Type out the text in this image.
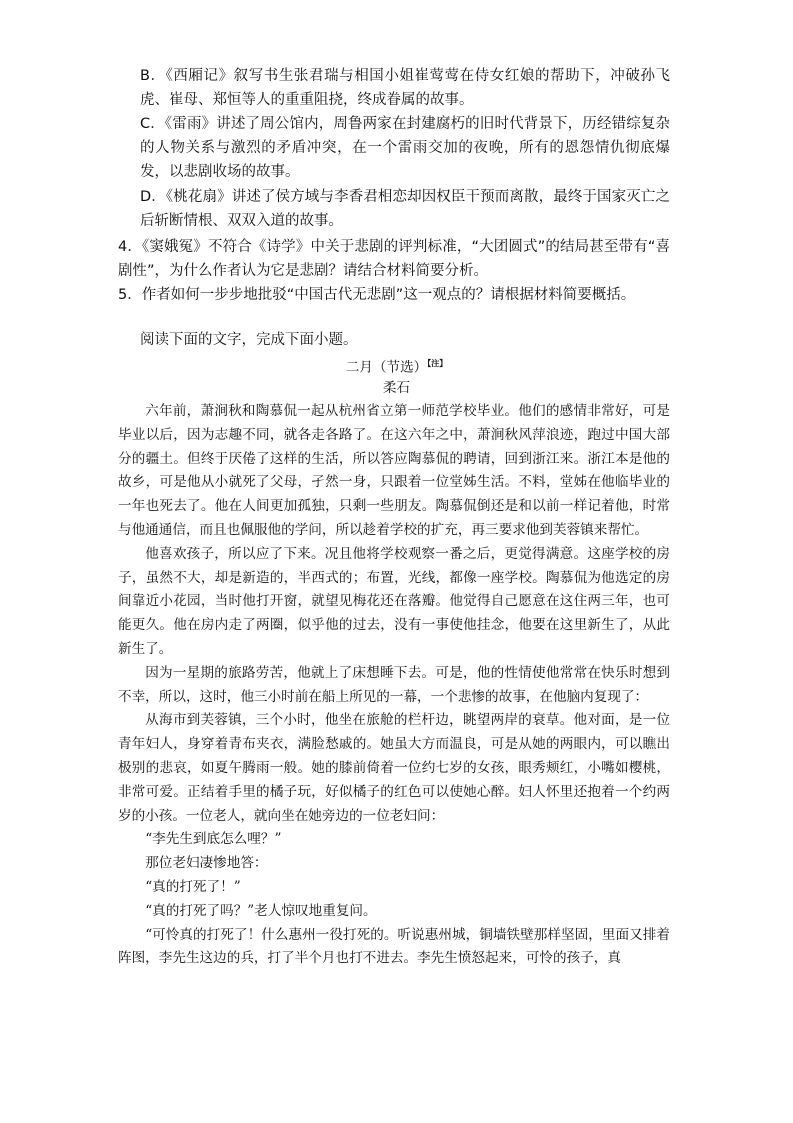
B．《西厢记》叙写书生张君瑞与相国小姐崔莺莺在侍女红娘的帮助下，冲破孙飞虎、崔母、郑恒等人的重重阻挠，终成眷属的故事。
C．《雷雨》讲述了周公馆内，周鲁两家在封建腐朽的旧时代背景下，历经错综复杂的人物关系与激烈的矛盾冲突，在一个雷雨交加的夜晚，所有的恩怨情仇彻底爆发，以悲剧收场的故事。
D．《桃花扇》讲述了侯方域与李香君相恋却因权臣干预而离散，最终于国家灭亡之后斩断情根、双双入道的故事。
4．《窦娥冤》不符合《诗学》中关于悲剧的评判标准，“大团圆式”的结局甚至带有“喜剧性”，为什么作者认为它是悲剧？请结合材料简要分析。
5．作者如何一步步地批驳“中国古代无悲剧”这一观点的？请根据材料简要概括。
阅读下面的文字，完成下面小题。
二月（节选）$^{【注】}$
柔石

六年前，萧涧秋和陶慕侃一起从杭州省立第一师范学校毕业。他们的感情非常好，可是毕业以后，因为志趣不同，就各走各路了。在这六年之中，萧涧秋风萍浪迹，跑过中国大部分的疆土。但终于厌倦了这样的生活，所以答应陶慕侃的聘请，回到浙江来。浙江本是他的故乡，可是他从小就死了父母，孑然一身，只跟着一位堂姊生活。不料，堂姊在他临毕业的一年也死去了。他在人间更加孤独，只剩一些朋友。陶慕侃倒还是和以前一样记着他，时常与他通通信，而且也佩服他的学问，所以趁着学校的扩充，再三要求他到芙蓉镇来帮忙。

他喜欢孩子，所以应了下来。况且他将学校观察一番之后，更觉得满意。这座学校的房子，虽然不大，却是新造的，半西式的；布置，光线，都像一座学校。陶慕侃为他选定的房间靠近小花园，当时他打开窗，就望见梅花还在落瓣。他觉得自己愿意在这住两三年，也可能更久。他在房内走了两圈，似乎他的过去，没有一事使他挂念，他要在这里新生了，从此新生了。

因为一星期的旅路劳苦，他就上了床想睡下去。可是，他的性情使他常常在快乐时想到不幸，所以，这时，他三小时前在船上所见的一幕，一个悲惨的故事，在他脑内复现了：

从海市到芙蓉镇，三个小时，他坐在旅舱的栏杆边，眺望两岸的衰草。他对面，是一位青年妇人，身穿着青布夹衣，满脸愁戚的。她虽大方而温良，可是从她的两眼内，可以瞧出极别的悲哀，如夏午腾雨一般。她的膝前倚着一位约七岁的女孩，眼秀颊红，小嘴如樱桃，非常可爱。正结着手里的橘子玩，好似橘子的红色可以使她心醉。妇人怀里还抱着一个约两岁的小孩。一位老人，就向坐在她旁边的一位老妇问：

“李先生到底怎么哩？”

那位老妇凄惨地答：

“真的打死了！”

“真的打死了吗？”老人惊叹地重复问。

“可怜真的打死了！什么惠州一役打死的。听说惠州城，铜墙铁壁那样坚固，里面又排着阵图，李先生这边的兵，打了半个月也打不进去。李先生愤怒起来，可怜的孩子，真
